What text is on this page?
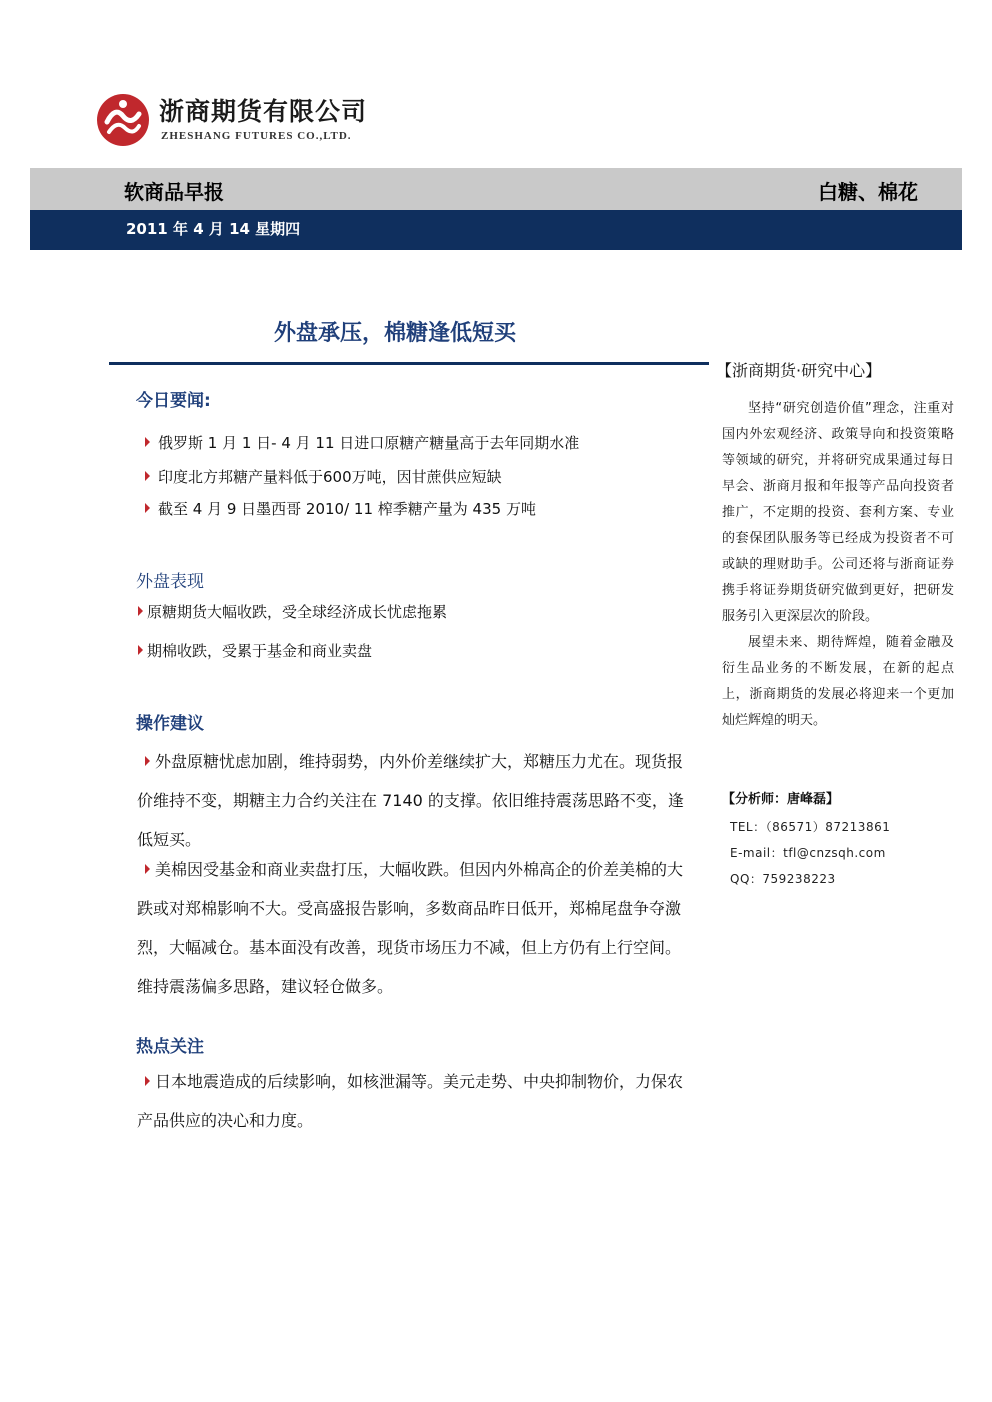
浙商期货有限公司
ZHESHANG FUTURES CO.,LTD.
软商品早报	白糖、棉花
2011 年 4 月 14 星期四
外盘承压，棉糖逢低短买
今日要闻:
俄罗斯 1 月 1 日- 4 月 11 日进口原糖产糖量高于去年同期水准
印度北方邦糖产量料低于600万吨，因甘蔗供应短缺
截至 4 月 9 日墨西哥 2010/ 11 榨季糖产量为 435 万吨
外盘表现
原糖期货大幅收跌，受全球经济成长忧虑拖累
期棉收跌，受累于基金和商业卖盘
操作建议
外盘原糖忧虑加剧，维持弱势，内外价差继续扩大，郑糖压力尤在。现货报价维持不变，期糖主力合约关注在 7140 的支撑。依旧维持震荡思路不变，逢低短买。
美棉因受基金和商业卖盘打压，大幅收跌。但因内外棉高企的价差美棉的大跌或对郑棉影响不大。受高盛报告影响，多数商品昨日低开，郑棉尾盘争夺激烈，大幅减仓。基本面没有改善，现货市场压力不减，但上方仍有上行空间。维持震荡偏多思路，建议轻仓做多。
热点关注
日本地震造成的后续影响，如核泄漏等。美元走势、中央抑制物价，力保农产品供应的决心和力度。
【浙商期货·研究中心】

坚持“研究创造价值”理念，注重对国内外宏观经济、政策导向和投资策略等领域的研究，并将研究成果通过每日早会、浙商月报和年报等产品向投资者推广，不定期的投资、套利方案、专业的套保团队服务等已经成为投资者不可或缺的理财助手。公司还将与浙商证券携手将证券期货研究做到更好，把研发服务引入更深层次的阶段。

展望未来、期待辉煌，随着金融及衍生品业务的不断发展，在新的起点上，浙商期货的发展必将迎来一个更加灿烂辉煌的明天。

【分析师：唐峰磊】
TEL：（86571）87213861
E-mail：tfl@cnzsqh.com
QQ：759238223
